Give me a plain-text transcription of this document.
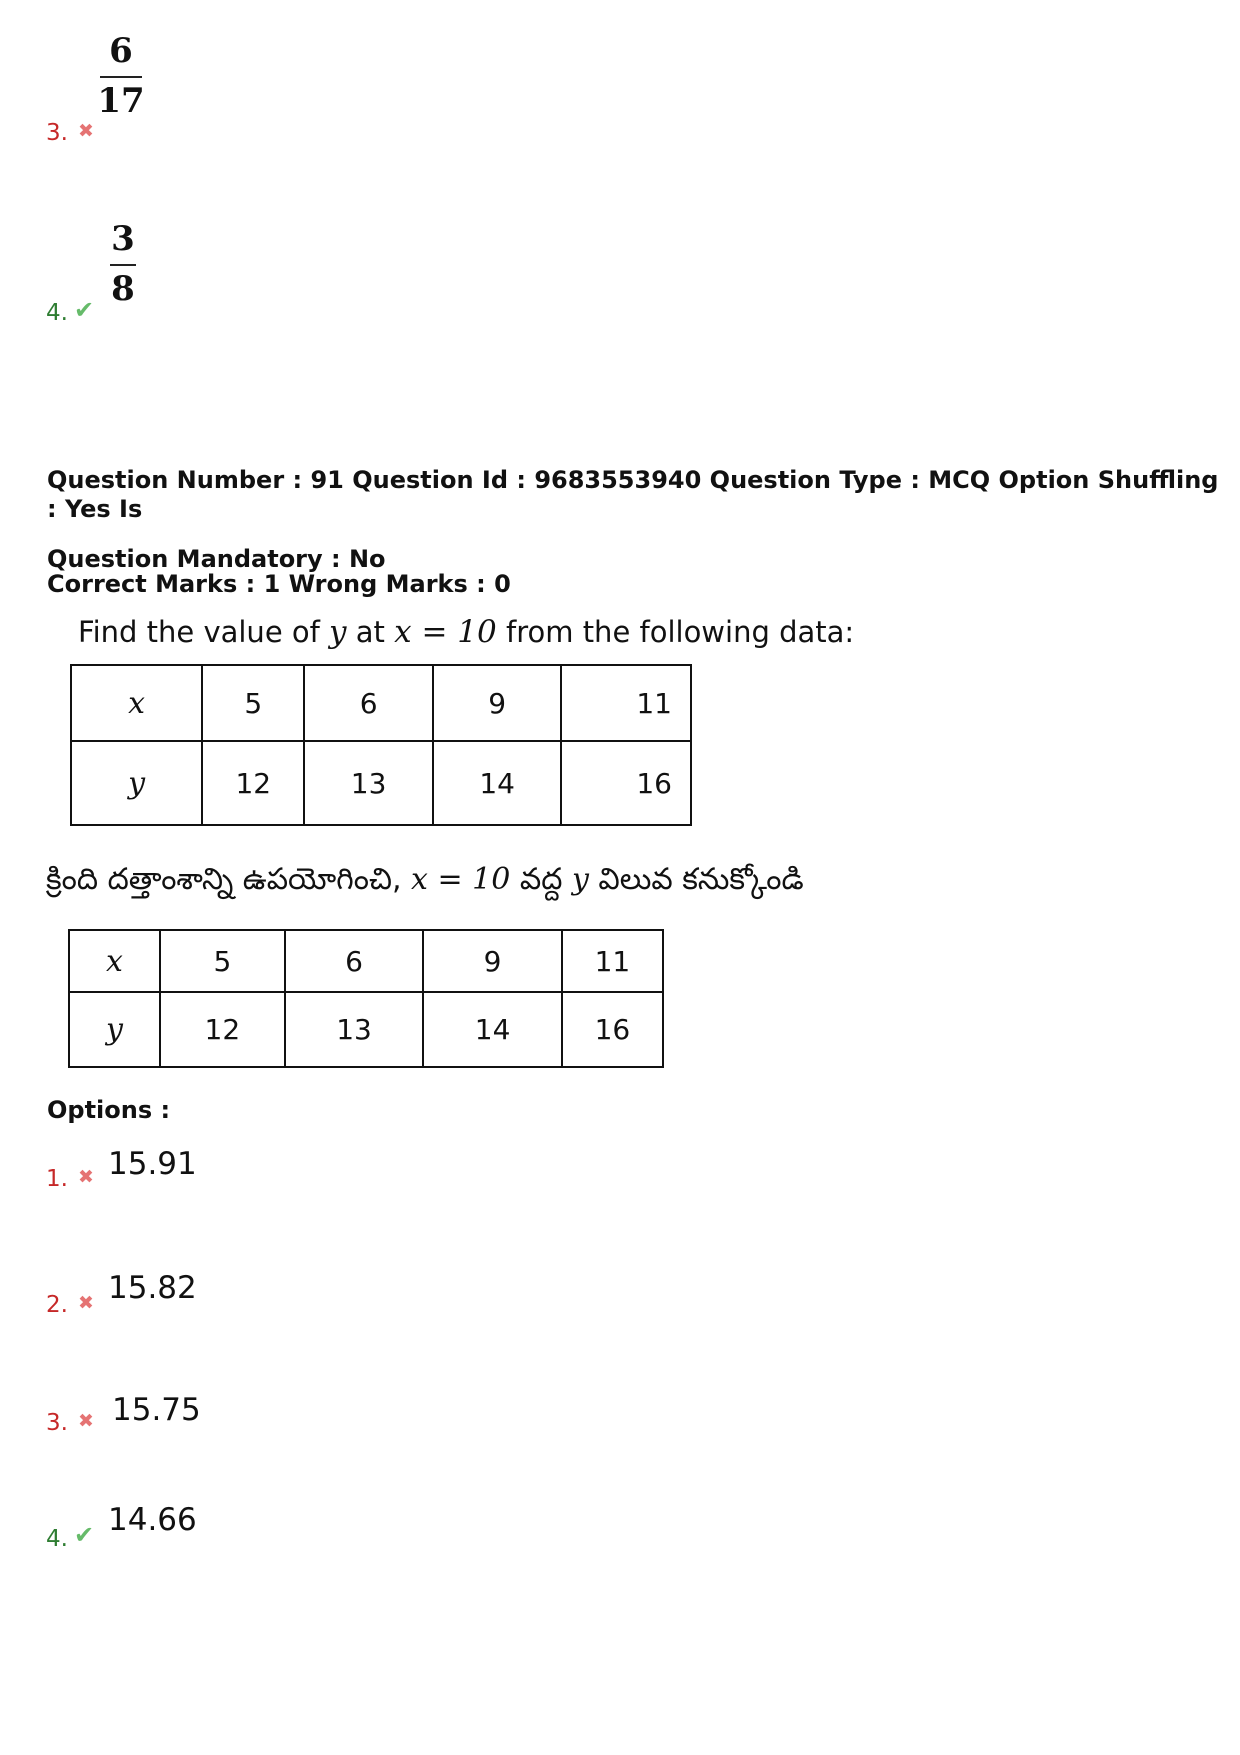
6
17
3. ✖
3
8
4. ✔
Question Number : 91 Question Id : 9683553940 Question Type : MCQ Option Shuffling : Yes Is
Question Mandatory : No
Correct Marks : 1 Wrong Marks : 0
Find the value of y at x = 10 from the following data:
x	5	6	9	11
y	12	13	14	16
క్రింది దత్తాంశాన్ని ఉపయోగించి, x = 10 వద్ద y విలువ కనుక్కోండి
x	5	6	9	11
y	12	13	14	16
Options :
15.91
1. ✖
15.82
2. ✖
15.75
3. ✖
14.66
4. ✔
